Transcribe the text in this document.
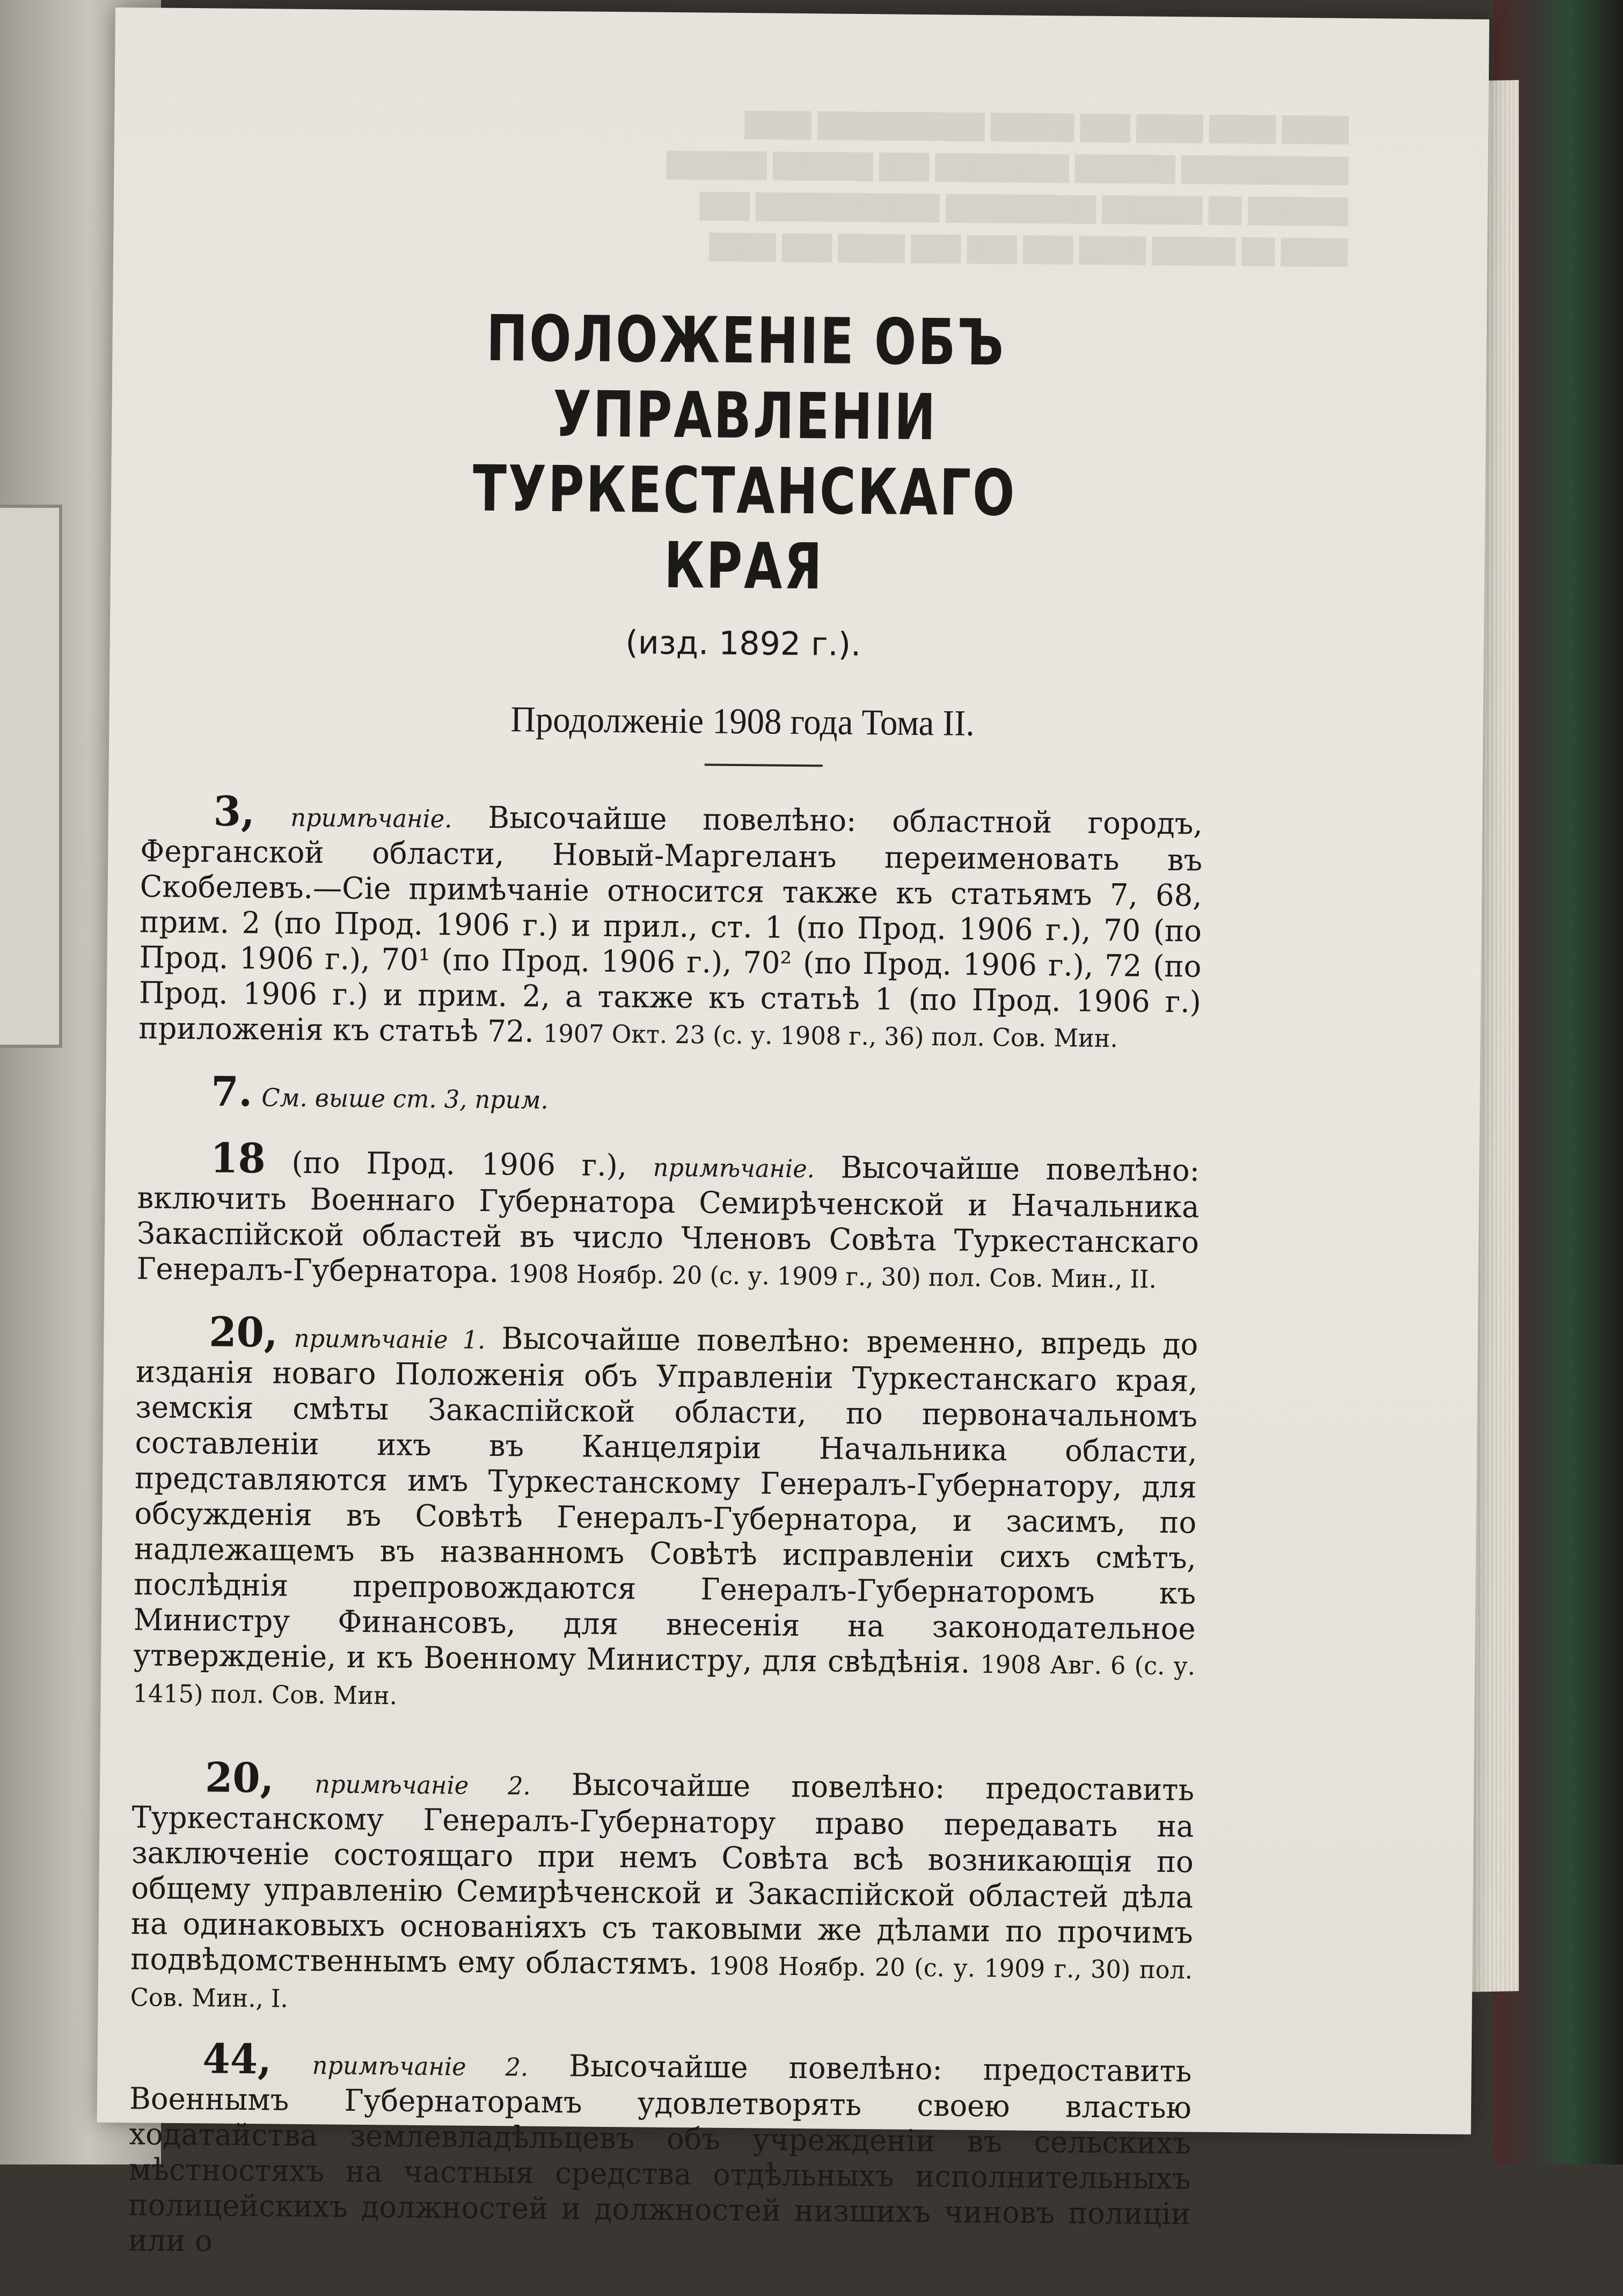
████ ████ ████ ███ █████ ██████████ ████
██████████ ██████ ████████ ███ ██████ ██████
██████ ██ ██████ █████████ ███████████ ███
████ ██ █████ ████ ███ ███ ███ ████ ███ ████
ПОЛОЖЕНІЕ ОБЪ УПРАВЛЕНІИ
ТУРКЕСТАНСКАГО КРАЯ
(изд. 1892 г.).
Продолженіе 1908 года Тома II.

3, примѣчаніе. Высочайше повелѣно: областной городъ, Ферганской области, Новый-Маргеланъ переименовать въ Скобелевъ.—Сіе примѣчаніе относится также къ статьямъ 7, 68, прим. 2 (по Прод. 1906 г.) и прил., ст. 1 (по Прод. 1906 г.), 70 (по Прод. 1906 г.), 70¹ (по Прод. 1906 г.), 70² (по Прод. 1906 г.), 72 (по Прод. 1906 г.) и прим. 2, а также къ статьѣ 1 (по Прод. 1906 г.) приложенія къ статьѣ 72. 1907 Окт. 23 (с. у. 1908 г., 36) пол. Сов. Мин.

7. См. выше ст. 3, прим.

18 (по Прод. 1906 г.), примѣчаніе. Высочайше повелѣно: включить Военнаго Губернатора Семирѣченской и Начальника Закаспійской областей въ число Членовъ Совѣта Туркестанскаго Генералъ-Губернатора. 1908 Ноябр. 20 (с. у. 1909 г., 30) пол. Сов. Мин., II.

20, примѣчаніе 1. Высочайше повелѣно: временно, впредь до изданія новаго Положенія объ Управленіи Туркестанскаго края, земскія смѣты Закаспійской области, по первоначальномъ составленіи ихъ въ Канцеляріи Начальника области, представляются имъ Туркестанскому Генералъ-Губернатору, для обсужденія въ Совѣтѣ Генералъ-Губернатора, и засимъ, по надлежащемъ въ названномъ Совѣтѣ исправленіи сихъ смѣтъ, послѣднія препровождаются Генералъ-Губернаторомъ къ Министру Финансовъ, для внесенія на законодательное утвержденіе, и къ Военному Министру, для свѣдѣнія. 1908 Авг. 6 (с. у. 1415) пол. Сов. Мин.

20, примѣчаніе 2. Высочайше повелѣно: предоставить Туркестанскому Генералъ-Губернатору право передавать на заключеніе состоящаго при немъ Совѣта всѣ возникающія по общему управленію Семирѣченской и Закаспійской областей дѣла на одинаковыхъ основаніяхъ съ таковыми же дѣлами по прочимъ подвѣдомственнымъ ему областямъ. 1908 Ноябр. 20 (с. у. 1909 г., 30) пол. Сов. Мин., I.

44, примѣчаніе 2. Высочайше повелѣно: предоставить Военнымъ Губернаторамъ удовлетворять своею властью ходатайства землевладѣльцевъ объ учрежденіи въ сельскихъ мѣстностяхъ на частныя средства отдѣльныхъ исполнительныхъ полицейскихъ должностей и должностей низшихъ чиновъ полиціи или о
